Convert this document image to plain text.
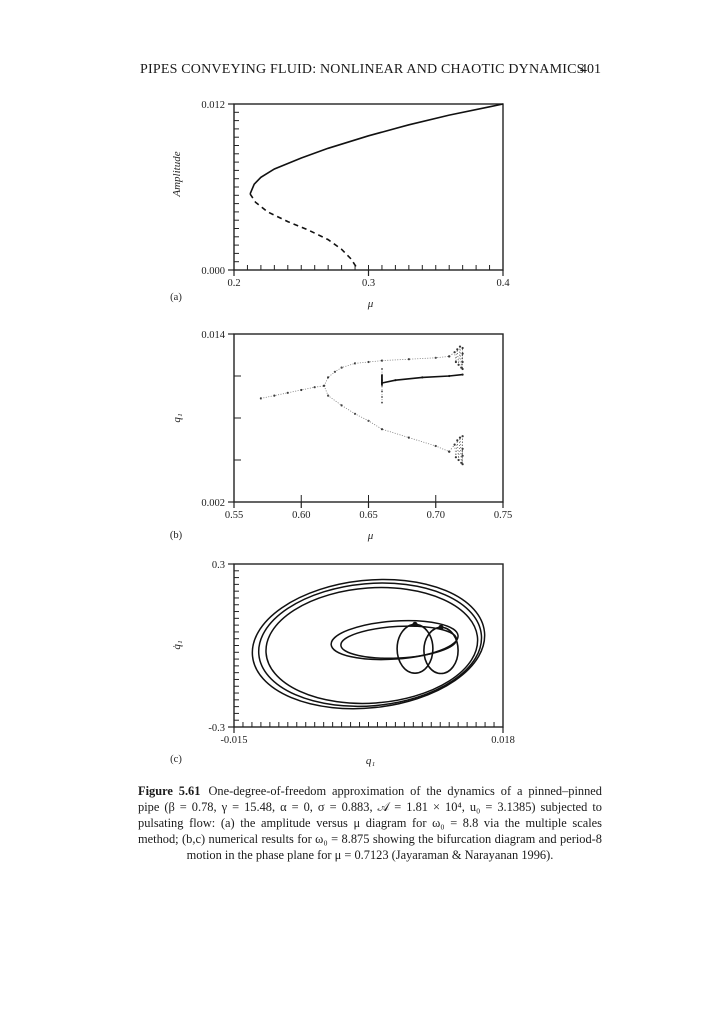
PIPES CONVEYING FLUID: NONLINEAR AND CHAOTIC DYNAMICS
401
0.2	0.3	0.4
0.012
0.000
μ
Amplitude
(a)
0.55	0.60	0.65	0.70	0.75
0.014
0.002
μ
q₁
(b)
-0.015	0.018
0.3
-0.3
q₁
q̇₁
(c)
Figure 5.61 One-degree-of-freedom approximation of the dynamics of a pinned–pinned pipe (β = 0.78, γ = 15.48, α = 0, σ = 0.883, 𝒜 = 1.81 × 10⁴, u₀ = 3.1385) subjected to pulsating flow: (a) the amplitude versus μ diagram for ω₀ = 8.8 via the multiple scales method; (b,c) numerical results for ω₀ = 8.875 showing the bifurcation diagram and period-8 motion in the phase plane for μ = 0.7123 (Jayaraman & Narayanan 1996).
